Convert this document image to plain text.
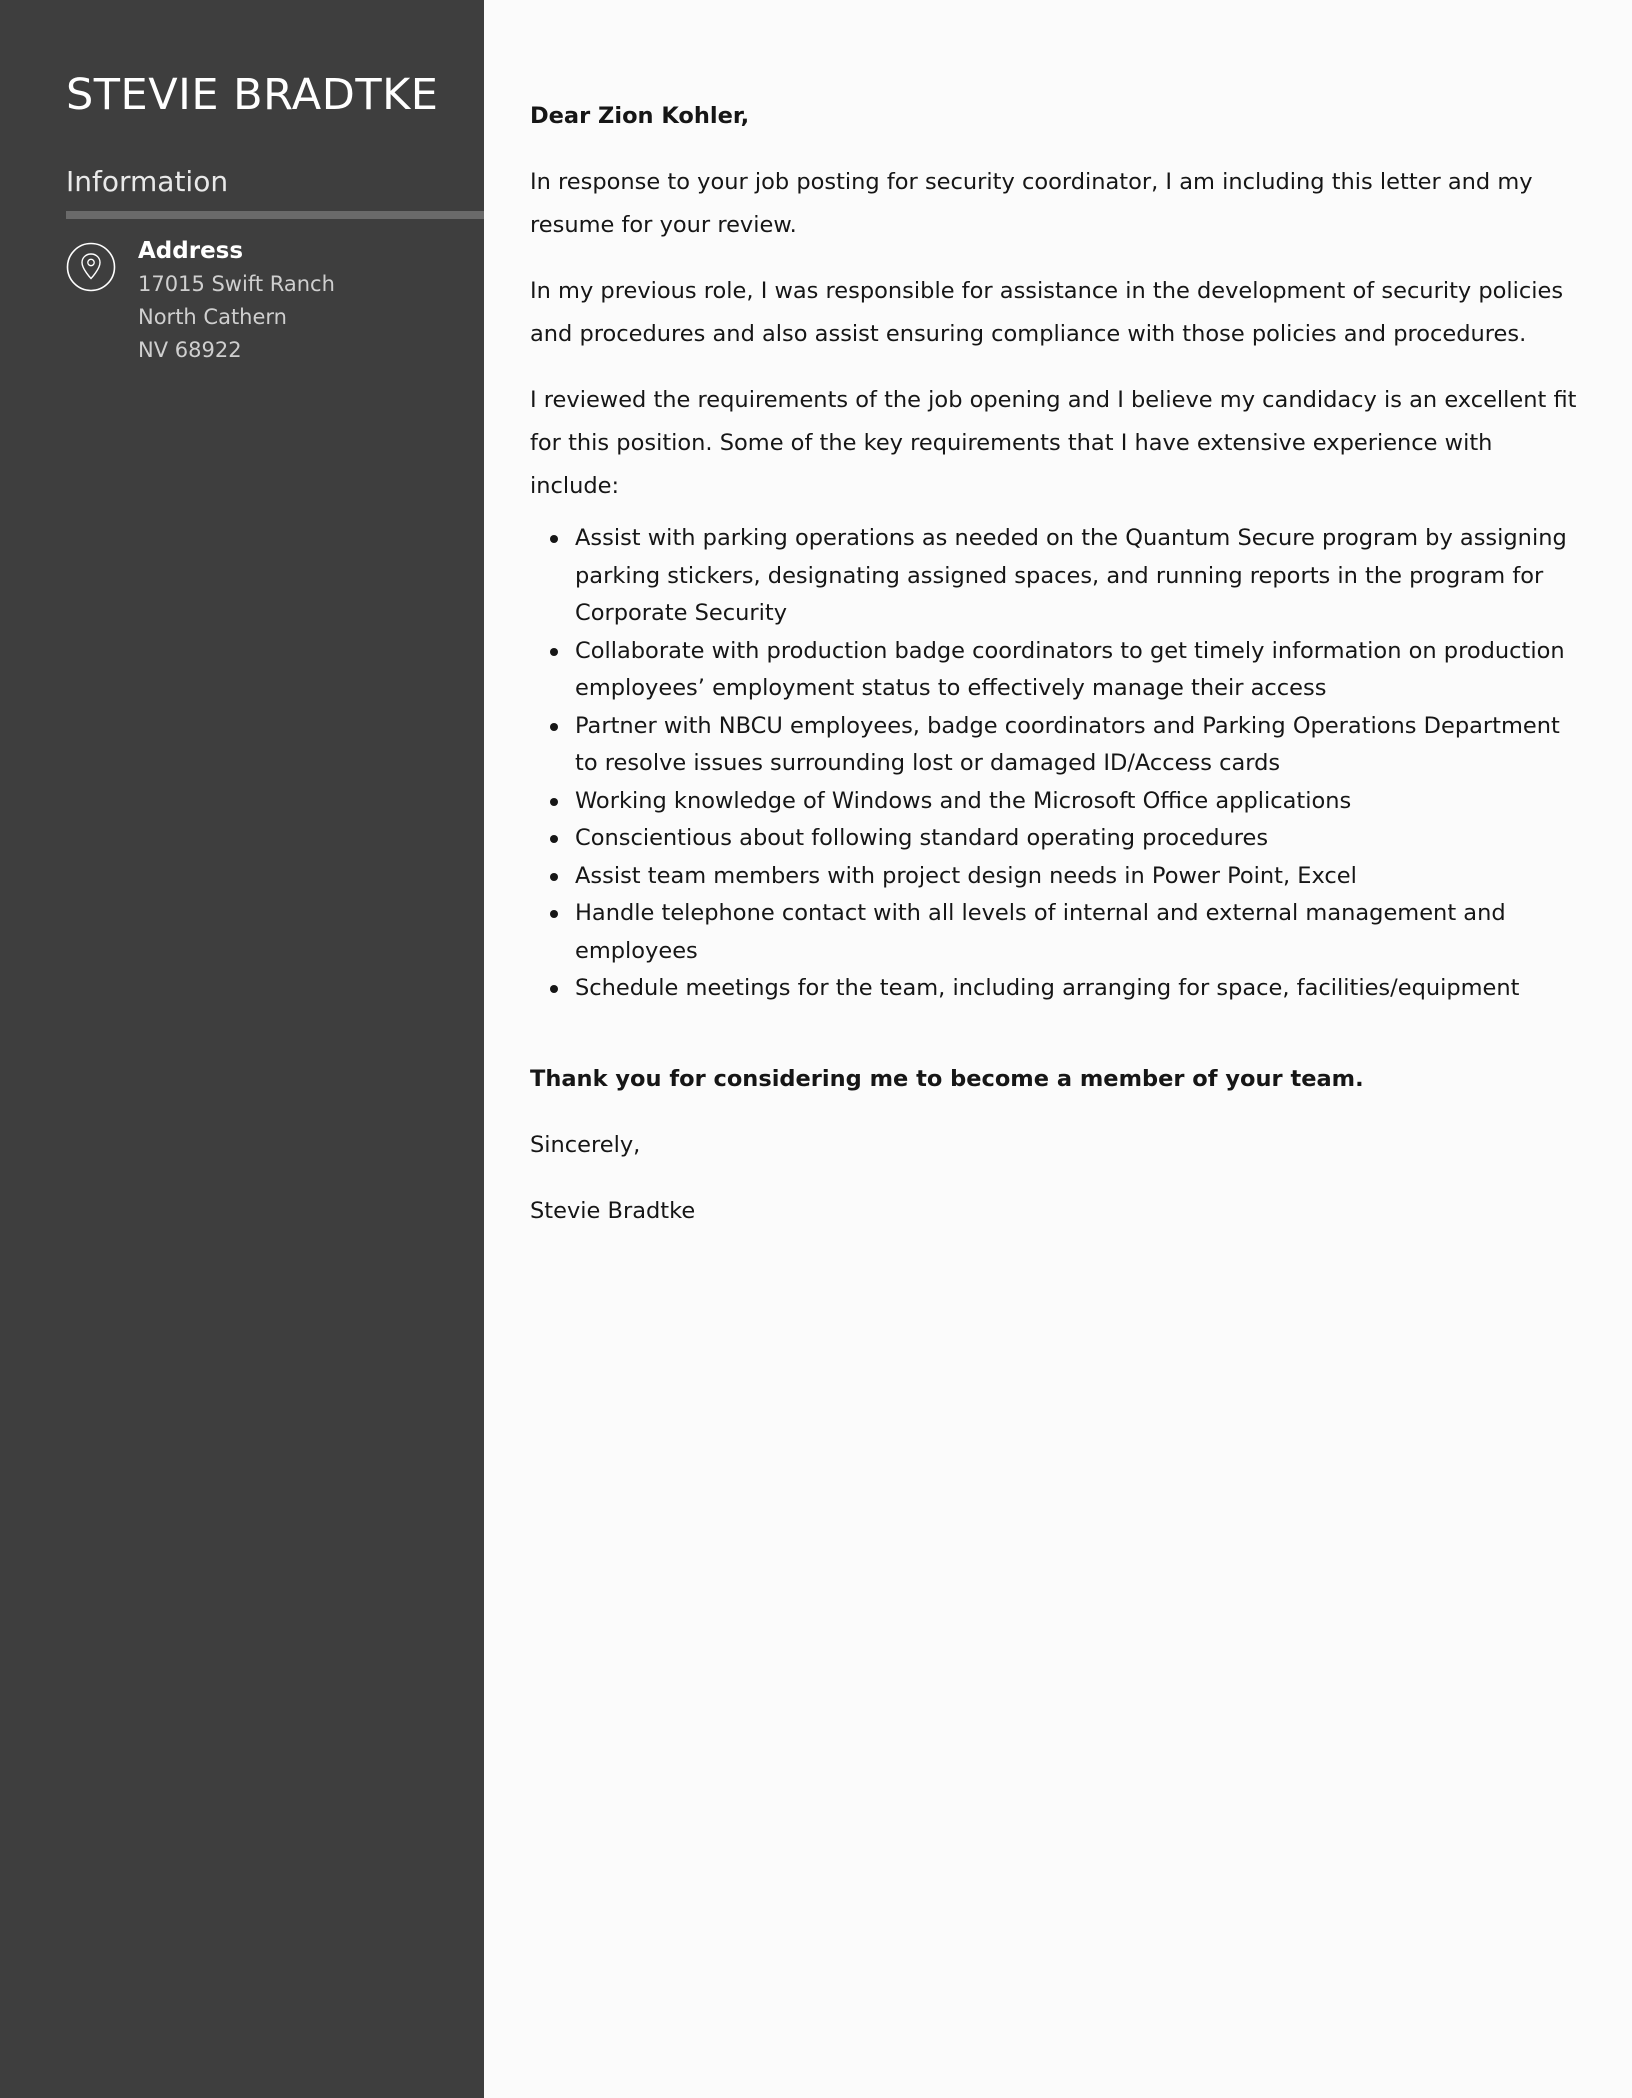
STEVIE BRADTKE
Information
Address
17015 Swift Ranch
North Cathern
NV 68922

Dear Zion Kohler,

In response to your job posting for security coordinator, I am including this letter and my resume for your review.

In my previous role, I was responsible for assistance in the development of security policies and procedures and also assist ensuring compliance with those policies and procedures.

I reviewed the requirements of the job opening and I believe my candidacy is an excellent fit for this position. Some of the key requirements that I have extensive experience with include:

Assist with parking operations as needed on the Quantum Secure program by assigning parking stickers, designating assigned spaces, and running reports in the program for Corporate Security
Collaborate with production badge coordinators to get timely information on production employees’ employment status to effectively manage their access
Partner with NBCU employees, badge coordinators and Parking Operations Department to resolve issues surrounding lost or damaged ID/Access cards
Working knowledge of Windows and the Microsoft Office applications
Conscientious about following standard operating procedures
Assist team members with project design needs in Power Point, Excel
Handle telephone contact with all levels of internal and external management and employees
Schedule meetings for the team, including arranging for space, facilities/equipment

Thank you for considering me to become a member of your team.

Sincerely,

Stevie Bradtke
